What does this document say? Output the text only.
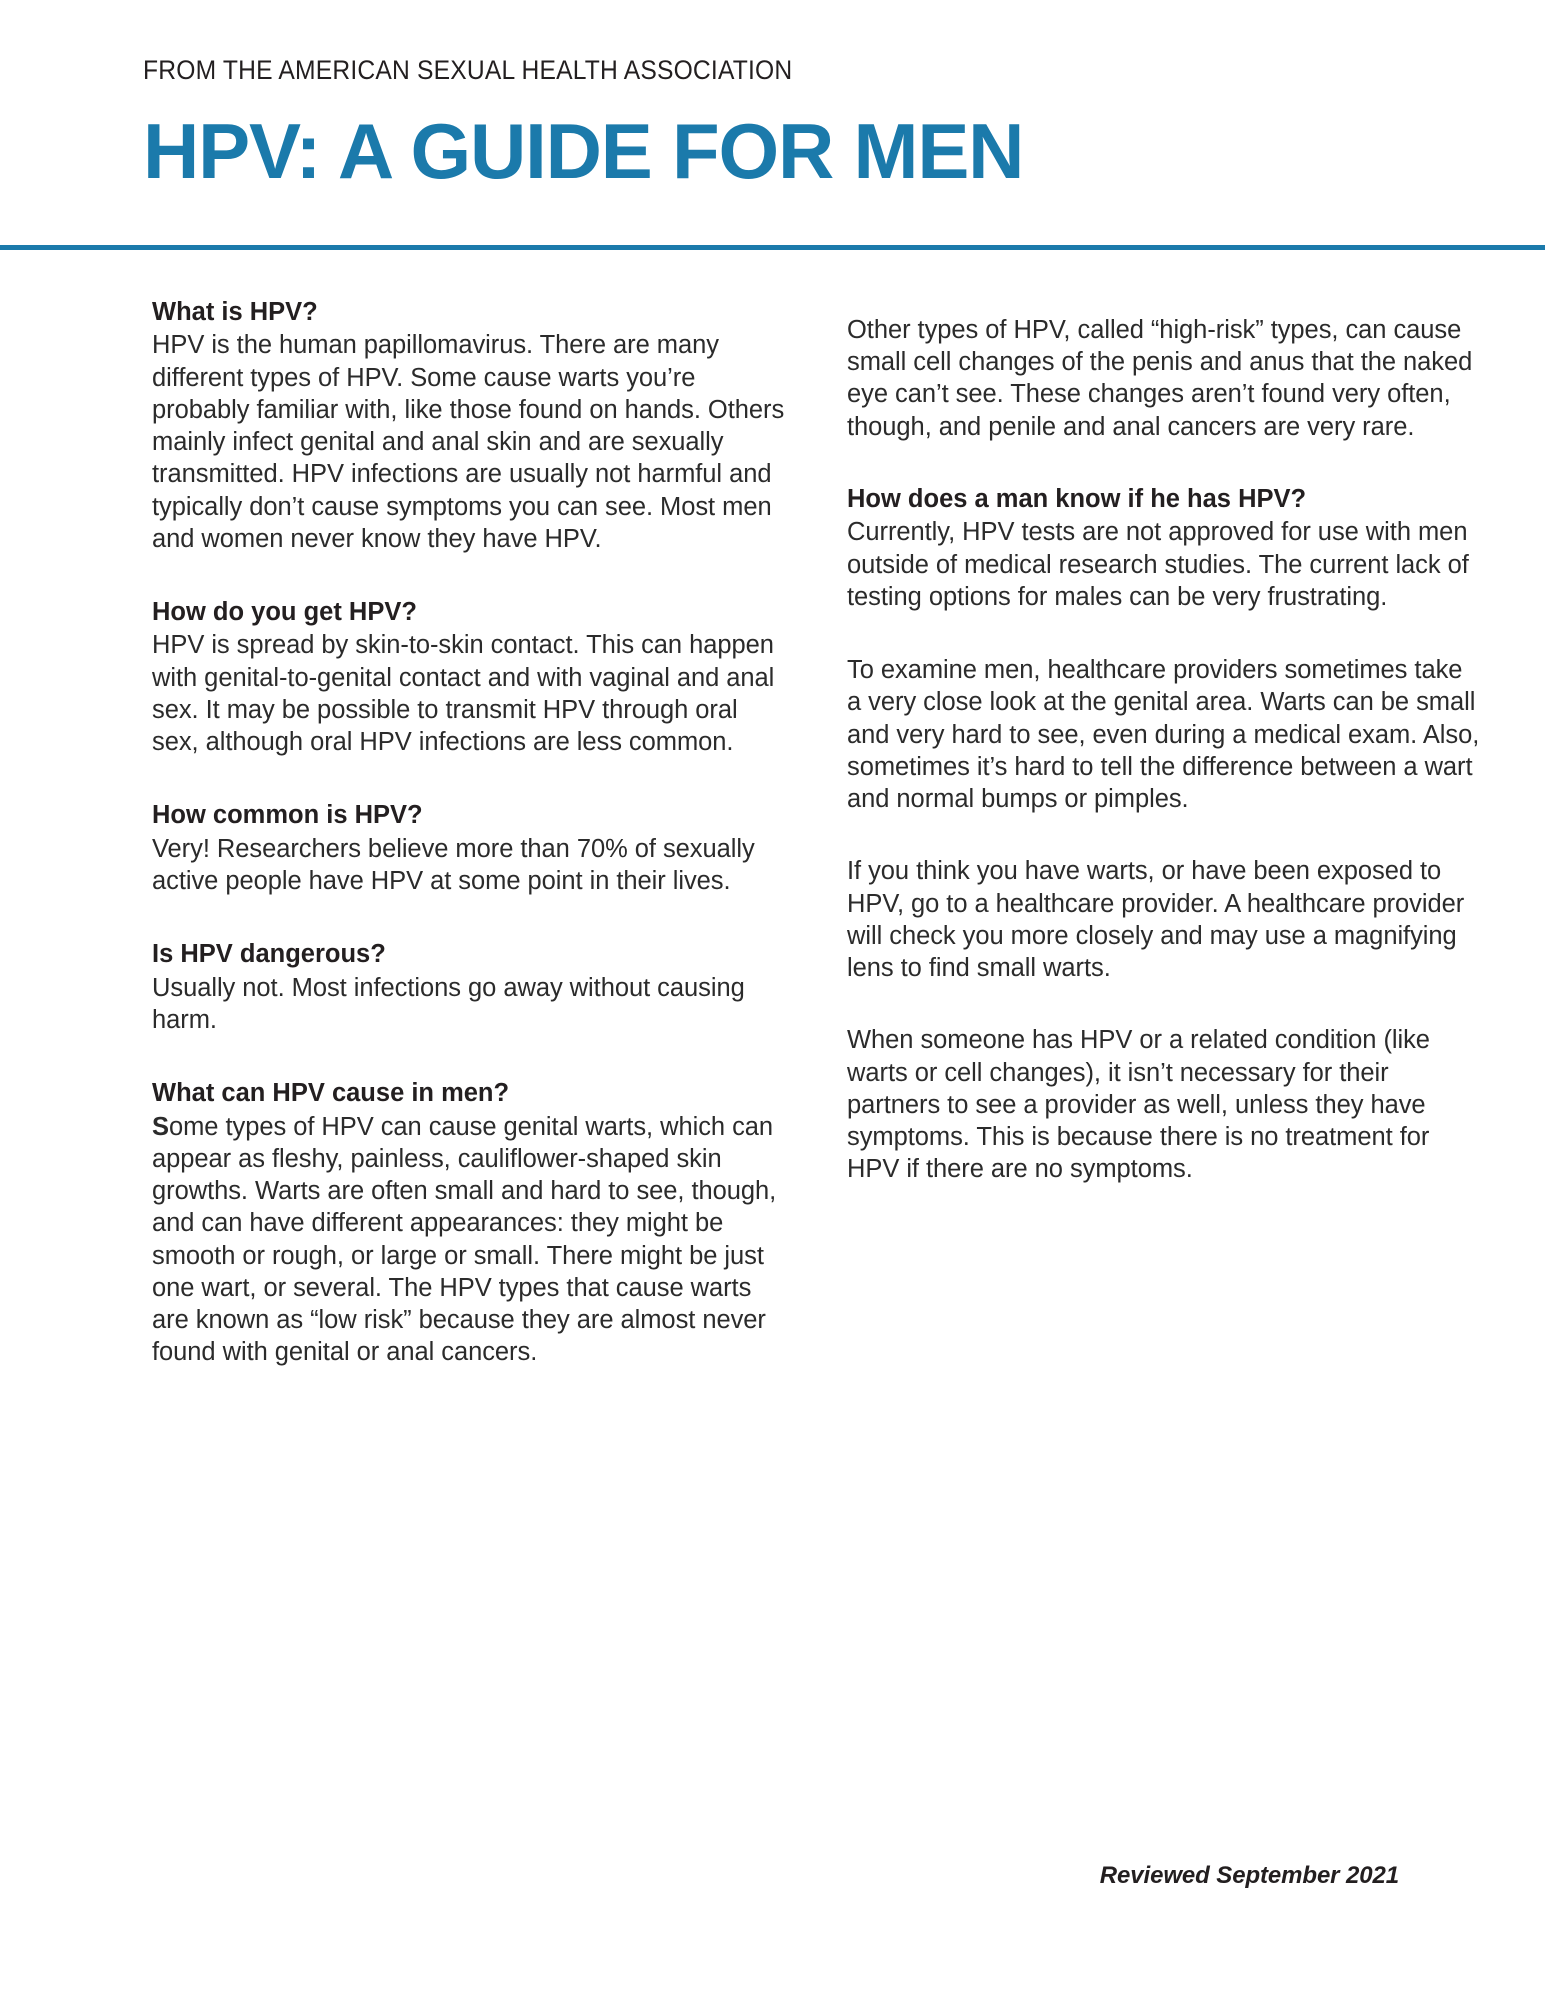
FROM THE AMERICAN SEXUAL HEALTH ASSOCIATION
HPV: A GUIDE FOR MEN
What is HPV?

HPV is the human papillomavirus. There are many different types of HPV. Some cause warts you’re probably familiar with, like those found on hands. Others mainly infect genital and anal skin and are sexually transmitted. HPV infections are usually not harmful and typically don’t cause symptoms you can see. Most men and women never know they have HPV.

How do you get HPV?

HPV is spread by skin-to-skin contact. This can happen with genital-to-genital contact and with vaginal and anal sex. It may be possible to transmit HPV through oral sex, although oral HPV infections are less common.

How common is HPV?

Very! Researchers believe more than 70% of sexually active people have HPV at some point in their lives.

Is HPV dangerous?

Usually not. Most infections go away without causing harm.

What can HPV cause in men?

Some types of HPV can cause genital warts, which can appear as fleshy, painless, cauliflower-shaped skin growths. Warts are often small and hard to see, though, and can have different appearances: they might be smooth or rough, or large or small. There might be just one wart, or several. The HPV types that cause warts are known as “low risk” because they are almost never found with genital or anal cancers.

Other types of HPV, called “high-risk” types, can cause small cell changes of the penis and anus that the naked eye can’t see. These changes aren’t found very often, though, and penile and anal cancers are very rare.

How does a man know if he has HPV?

Currently, HPV tests are not approved for use with men outside of medical research studies. The current lack of testing options for males can be very frustrating.

To examine men, healthcare providers sometimes take a very close look at the genital area. Warts can be small and very hard to see, even during a medical exam. Also, sometimes it’s hard to tell the difference between a wart and normal bumps or pimples.

If you think you have warts, or have been exposed to HPV, go to a healthcare provider. A healthcare provider will check you more closely and may use a magnifying lens to find small warts.

When someone has HPV or a related condition (like warts or cell changes), it isn’t necessary for their partners to see a provider as well, unless they have symptoms. This is because there is no treatment for HPV if there are no symptoms.

Reviewed September 2021
